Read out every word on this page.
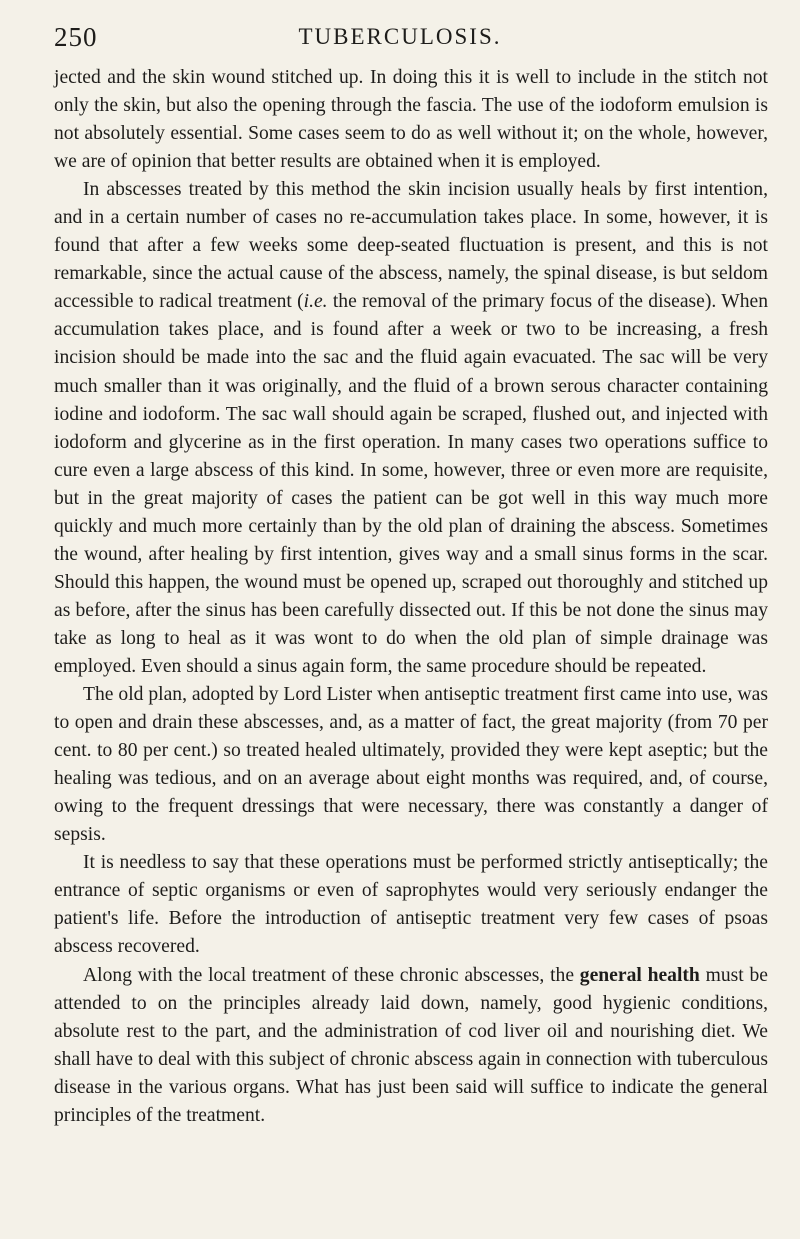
250	TUBERCULOSIS.

jected and the skin wound stitched up. In doing this it is well to include in the stitch not only the skin, but also the opening through the fascia. The use of the iodoform emulsion is not absolutely essential. Some cases seem to do as well without it; on the whole, however, we are of opinion that better results are obtained when it is employed.

In abscesses treated by this method the skin incision usually heals by first intention, and in a certain number of cases no re-accumulation takes place. In some, however, it is found that after a few weeks some deep-seated fluctuation is present, and this is not remarkable, since the actual cause of the abscess, namely, the spinal disease, is but seldom accessible to radical treatment (i.e. the removal of the primary focus of the disease). When accumulation takes place, and is found after a week or two to be increasing, a fresh incision should be made into the sac and the fluid again evacuated. The sac will be very much smaller than it was originally, and the fluid of a brown serous character containing iodine and iodoform. The sac wall should again be scraped, flushed out, and injected with iodoform and glycerine as in the first operation. In many cases two operations suffice to cure even a large abscess of this kind. In some, however, three or even more are requisite, but in the great majority of cases the patient can be got well in this way much more quickly and much more certainly than by the old plan of draining the abscess. Sometimes the wound, after healing by first intention, gives way and a small sinus forms in the scar. Should this happen, the wound must be opened up, scraped out thoroughly and stitched up as before, after the sinus has been carefully dissected out. If this be not done the sinus may take as long to heal as it was wont to do when the old plan of simple drainage was employed. Even should a sinus again form, the same procedure should be repeated.

The old plan, adopted by Lord Lister when antiseptic treatment first came into use, was to open and drain these abscesses, and, as a matter of fact, the great majority (from 70 per cent. to 80 per cent.) so treated healed ultimately, provided they were kept aseptic; but the healing was tedious, and on an average about eight months was required, and, of course, owing to the frequent dressings that were necessary, there was constantly a danger of sepsis.

It is needless to say that these operations must be performed strictly antiseptically; the entrance of septic organisms or even of saprophytes would very seriously endanger the patient's life. Before the introduction of antiseptic treatment very few cases of psoas abscess recovered.

Along with the local treatment of these chronic abscesses, the general health must be attended to on the principles already laid down, namely, good hygienic conditions, absolute rest to the part, and the administration of cod liver oil and nourishing diet. We shall have to deal with this subject of chronic abscess again in connection with tuberculous disease in the various organs. What has just been said will suffice to indicate the general principles of the treatment.
